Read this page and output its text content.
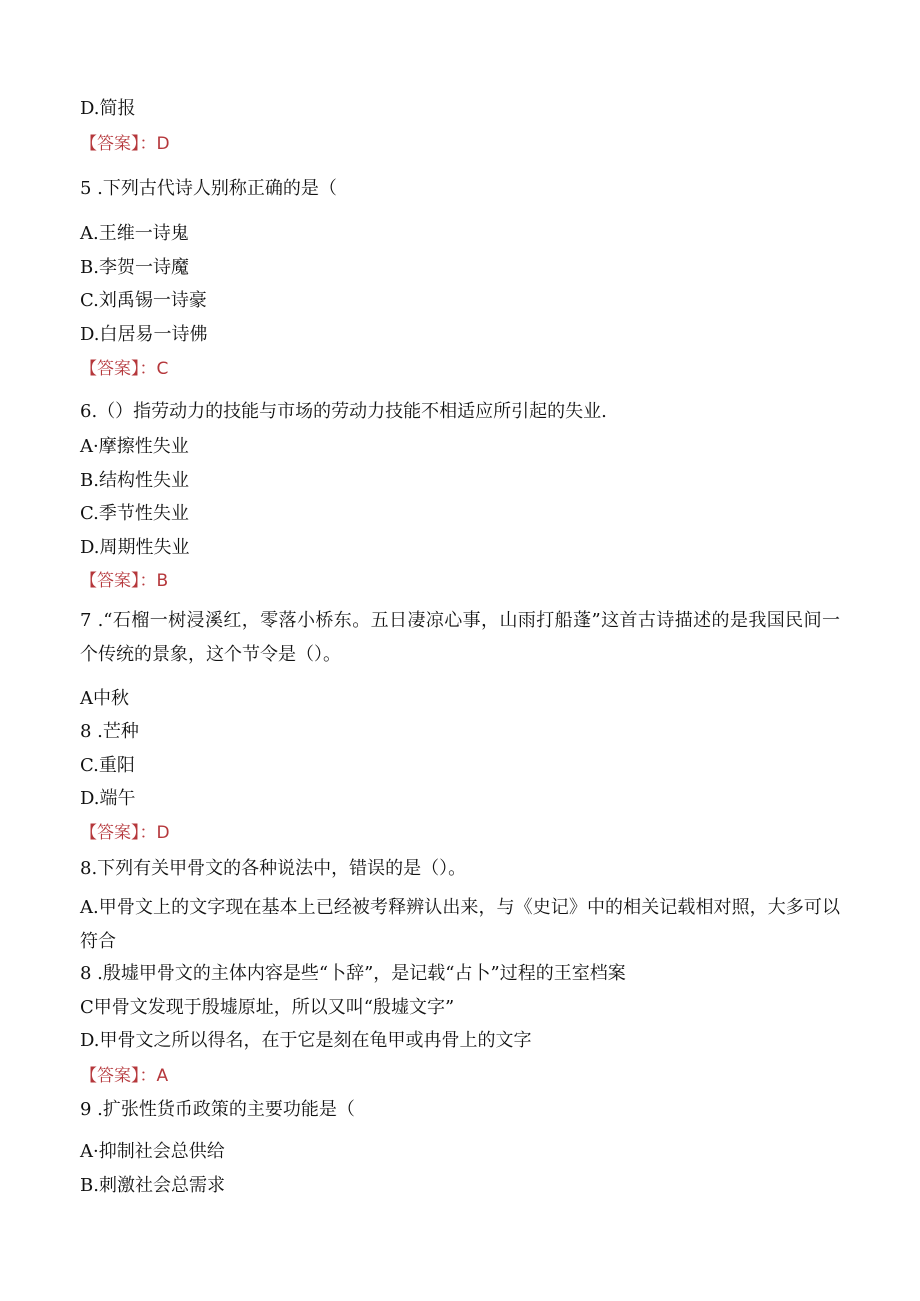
D.简报
【答案】：D
5 .下列古代诗人别称正确的是（
A.王维一诗鬼
B.李贺一诗魔
C.刘禹锡一诗豪
D.白居易一诗佛
【答案】：C
6.（）指劳动力的技能与市场的劳动力技能不相适应所引起的失业.
A·摩擦性失业
B.结构性失业
C.季节性失业
D.周期性失业
【答案】：B
7 .“石榴一树浸溪红，零落小桥东。五日凄凉心事，山雨打船蓬”这首古诗描述的是我国民间一个传统的景象，这个节令是（）。
A中秋
8 .芒种
C.重阳
D.端午
【答案】：D
8.下列有关甲骨文的各种说法中，错误的是（）。
A.甲骨文上的文字现在基本上已经被考释辨认出来，与《史记》中的相关记载相对照，大多可以符合
8 .殷墟甲骨文的主体内容是些“卜辞”，是记载“占卜”过程的王室档案
C甲骨文发现于殷墟原址，所以又叫“殷墟文字”
D.甲骨文之所以得名，在于它是刻在龟甲或冉骨上的文字
【答案】：A
9 .扩张性货币政策的主要功能是（
A·抑制社会总供给
B.刺激社会总需求
